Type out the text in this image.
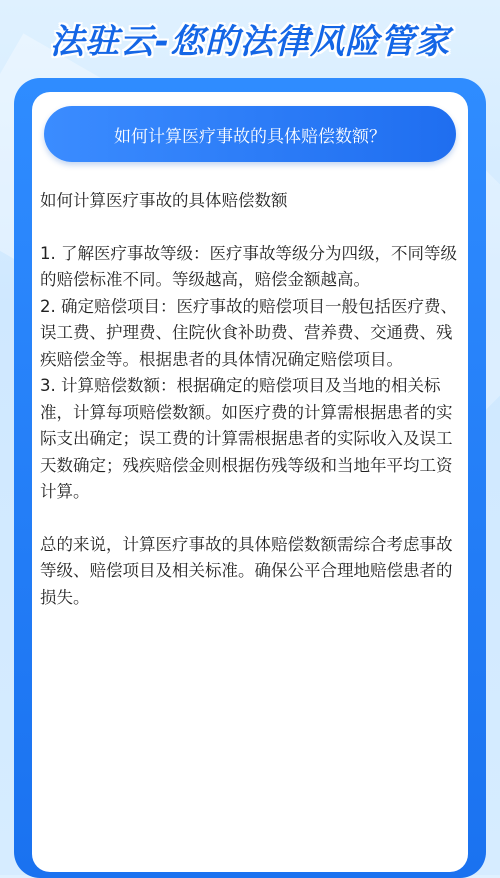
法驻云-您的法律风险管家
如何计算医疗事故的具体赔偿数额？

如何计算医疗事故的具体赔偿数额

1. 了解医疗事故等级：医疗事故等级分为四级，不同等级的赔偿标准不同。等级越高，赔偿金额越高。

2. 确定赔偿项目：医疗事故的赔偿项目一般包括医疗费、误工费、护理费、住院伙食补助费、营养费、交通费、残疾赔偿金等。根据患者的具体情况确定赔偿项目。

3. 计算赔偿数额：根据确定的赔偿项目及当地的相关标准，计算每项赔偿数额。如医疗费的计算需根据患者的实际支出确定；误工费的计算需根据患者的实际收入及误工天数确定；残疾赔偿金则根据伤残等级和当地年平均工资计算。

总的来说，计算医疗事故的具体赔偿数额需综合考虑事故等级、赔偿项目及相关标准。确保公平合理地赔偿患者的损失。
